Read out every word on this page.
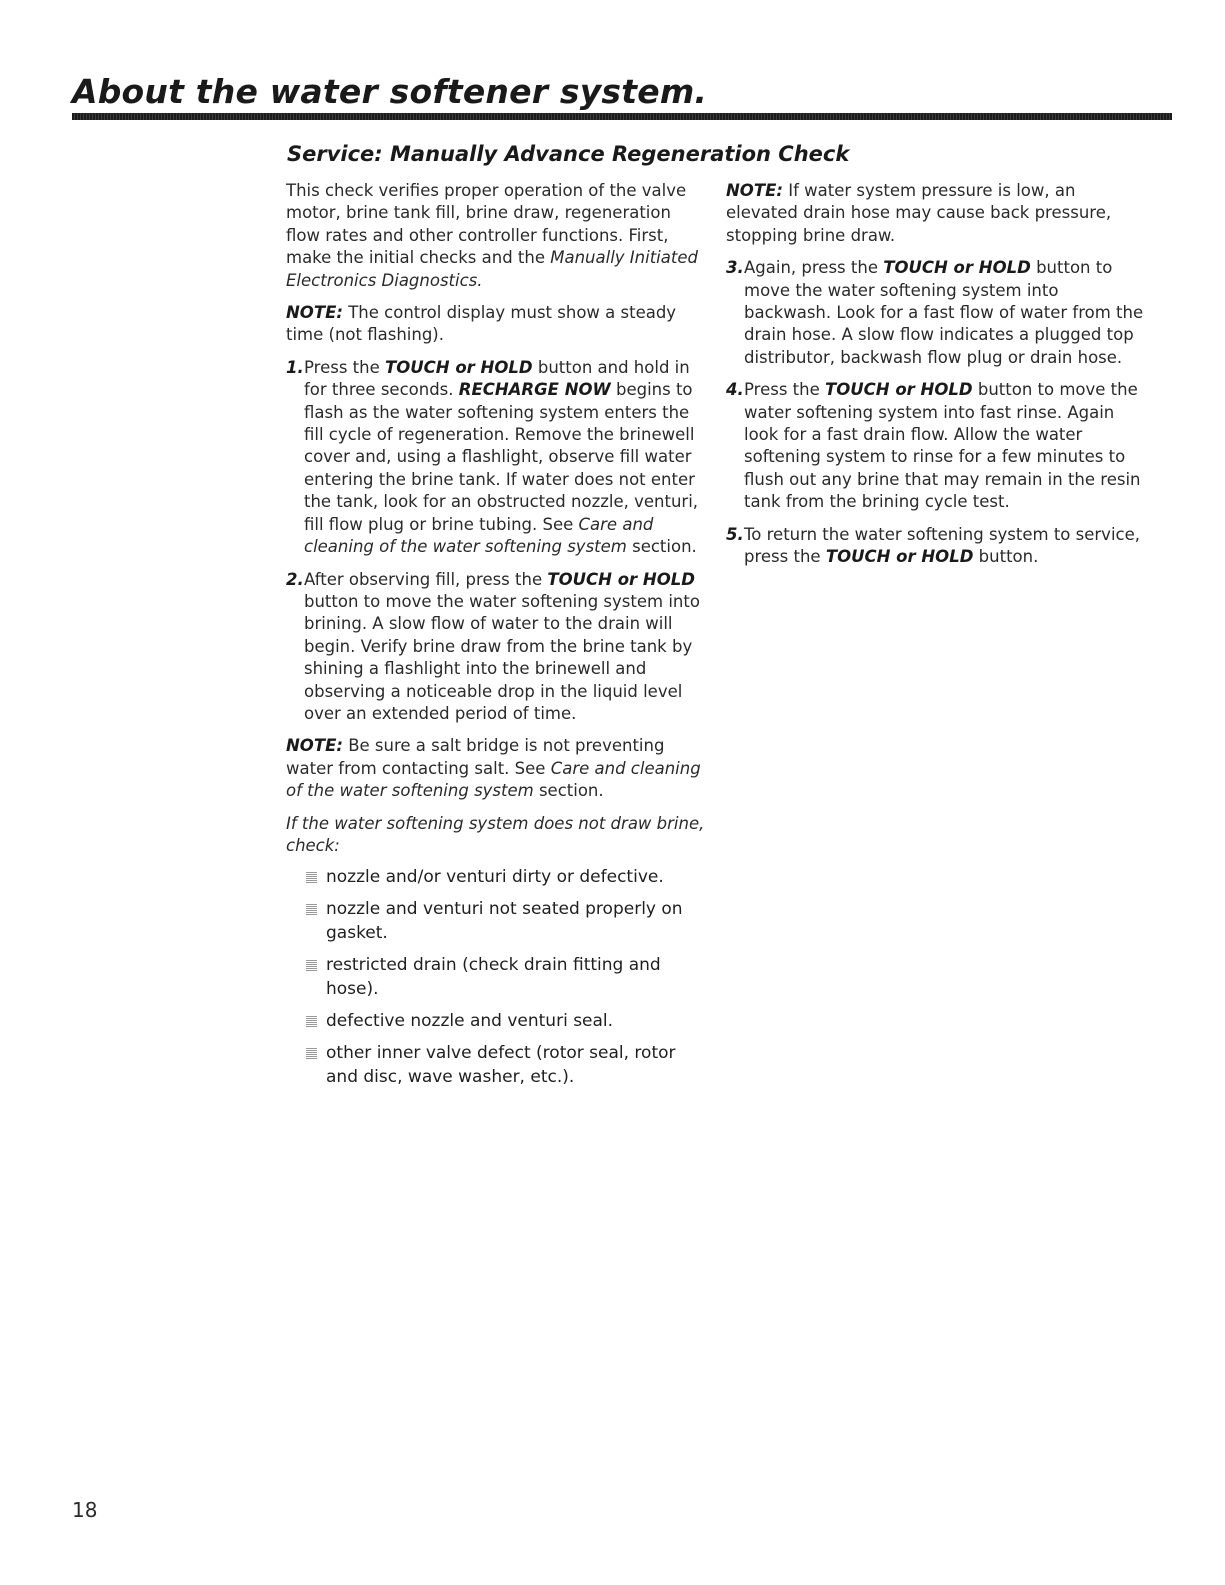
About the water softener system.
Service: Manually Advance Regeneration Check

This check verifies proper operation of the valve motor, brine tank fill, brine draw, regeneration flow rates and other controller functions. First, make the initial checks and the Manually Initiated Electronics Diagnostics.

NOTE: The control display must show a steady time (not flashing).

1. Press the TOUCH or HOLD button and hold in for three seconds. RECHARGE NOW begins to flash as the water softening system enters the fill cycle of regeneration. Remove the brinewell cover and, using a flashlight, observe fill water entering the brine tank. If water does not enter the tank, look for an obstructed nozzle, venturi, fill flow plug or brine tubing. See Care and cleaning of the water softening system section.
2. After observing fill, press the TOUCH or HOLD button to move the water softening system into brining. A slow flow of water to the drain will begin. Verify brine draw from the brine tank by shining a flashlight into the brinewell and observing a noticeable drop in the liquid level over an extended period of time.

NOTE: Be sure a salt bridge is not preventing water from contacting salt. See Care and cleaning of the water softening system section.

If the water softening system does not draw brine, check:

nozzle and/or venturi dirty or defective.
nozzle and venturi not seated properly on gasket.
restricted drain (check drain fitting and hose).
defective nozzle and venturi seal.
other inner valve defect (rotor seal, rotor and disc, wave washer, etc.).

NOTE: If water system pressure is low, an elevated drain hose may cause back pressure, stopping brine draw.

3. Again, press the TOUCH or HOLD button to move the water softening system into backwash. Look for a fast flow of water from the drain hose. A slow flow indicates a plugged top distributor, backwash flow plug or drain hose.
4. Press the TOUCH or HOLD button to move the water softening system into fast rinse. Again look for a fast drain flow. Allow the water softening system to rinse for a few minutes to flush out any brine that may remain in the resin tank from the brining cycle test.
5. To return the water softening system to service, press the TOUCH or HOLD button.
18
